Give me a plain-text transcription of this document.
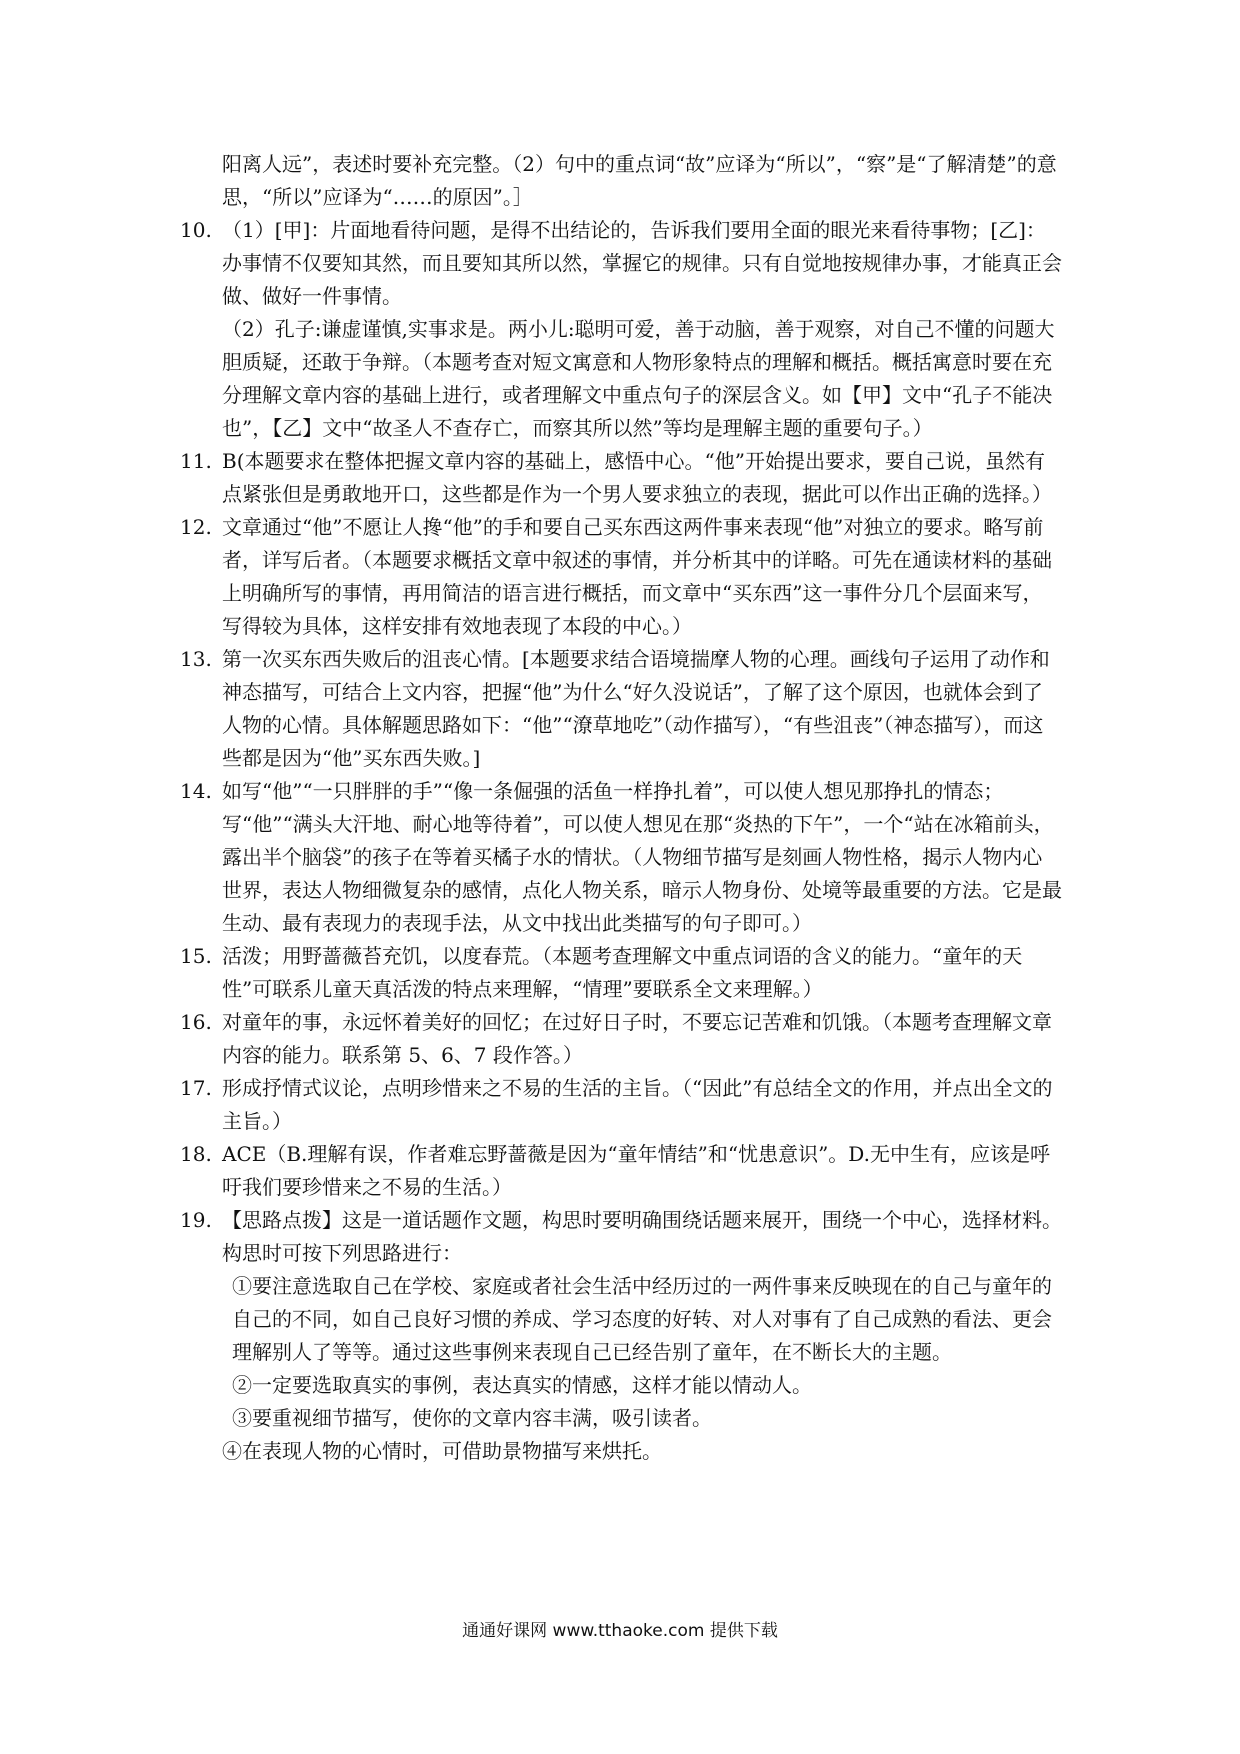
阳离人远”，表述时要补充完整。（2）句中的重点词“故”应译为“所以”，“察”是“了解清楚”的意思，“所以”应译为“……的原因”。］
10. （1）[甲]：片面地看待问题，是得不出结论的，告诉我们要用全面的眼光来看待事物；[乙]：办事情不仅要知其然，而且要知其所以然，掌握它的规律。只有自觉地按规律办事，才能真正会做、做好一件事情。
（2）孔子:谦虚谨慎,实事求是。两小儿:聪明可爱，善于动脑，善于观察，对自己不懂的问题大胆质疑，还敢于争辩。（本题考查对短文寓意和人物形象特点的理解和概括。概括寓意时要在充分理解文章内容的基础上进行，或者理解文中重点句子的深层含义。如【甲】文中“孔子不能决也”，【乙】文中“故圣人不查存亡，而察其所以然”等均是理解主题的重要句子。）
11. B(本题要求在整体把握文章内容的基础上，感悟中心。“他”开始提出要求，要自己说，虽然有点紧张但是勇敢地开口，这些都是作为一个男人要求独立的表现，据此可以作出正确的选择。）
12. 文章通过“他”不愿让人搀“他”的手和要自己买东西这两件事来表现“他”对独立的要求。略写前者，详写后者。（本题要求概括文章中叙述的事情，并分析其中的详略。可先在通读材料的基础上明确所写的事情，再用简洁的语言进行概括，而文章中“买东西”这一事件分几个层面来写，写得较为具体，这样安排有效地表现了本段的中心。）
13. 第一次买东西失败后的沮丧心情。[本题要求结合语境揣摩人物的心理。画线句子运用了动作和神态描写，可结合上文内容，把握“他”为什么“好久没说话”，了解了这个原因，也就体会到了人物的心情。具体解题思路如下：“他”“潦草地吃”（动作描写），“有些沮丧”（神态描写），而这些都是因为“他”买东西失败。]
14. 如写“他”“一只胖胖的手”“像一条倔强的活鱼一样挣扎着”，可以使人想见那挣扎的情态；写“他”“满头大汗地、耐心地等待着”，可以使人想见在那“炎热的下午”，一个“站在冰箱前头，露出半个脑袋”的孩子在等着买橘子水的情状。（人物细节描写是刻画人物性格，揭示人物内心世界，表达人物细微复杂的感情，点化人物关系，暗示人物身份、处境等最重要的方法。它是最生动、最有表现力的表现手法，从文中找出此类描写的句子即可。）
15. 活泼；用野蔷薇苔充饥，以度春荒。（本题考查理解文中重点词语的含义的能力。“童年的天性”可联系儿童天真活泼的特点来理解，“情理”要联系全文来理解。）
16. 对童年的事，永远怀着美好的回忆；在过好日子时，不要忘记苦难和饥饿。（本题考查理解文章内容的能力。联系第 5、6、7 段作答。）
17. 形成抒情式议论，点明珍惜来之不易的生活的主旨。（“因此”有总结全文的作用，并点出全文的主旨。）
18. ACE（B.理解有误，作者难忘野蔷薇是因为“童年情结”和“忧患意识”。D.无中生有，应该是呼吁我们要珍惜来之不易的生活。）
19. 【思路点拨】这是一道话题作文题，构思时要明确围绕话题来展开，围绕一个中心，选择材料。构思时可按下列思路进行：
①要注意选取自己在学校、家庭或者社会生活中经历过的一两件事来反映现在的自己与童年的自己的不同，如自己良好习惯的养成、学习态度的好转、对人对事有了自己成熟的看法、更会理解别人了等等。通过这些事例来表现自己已经告别了童年，在不断长大的主题。
②一定要选取真实的事例，表达真实的情感，这样才能以情动人。
③要重视细节描写，使你的文章内容丰满，吸引读者。
④在表现人物的心情时，可借助景物描写来烘托。
通通好课网 www.tthaoke.com 提供下载
